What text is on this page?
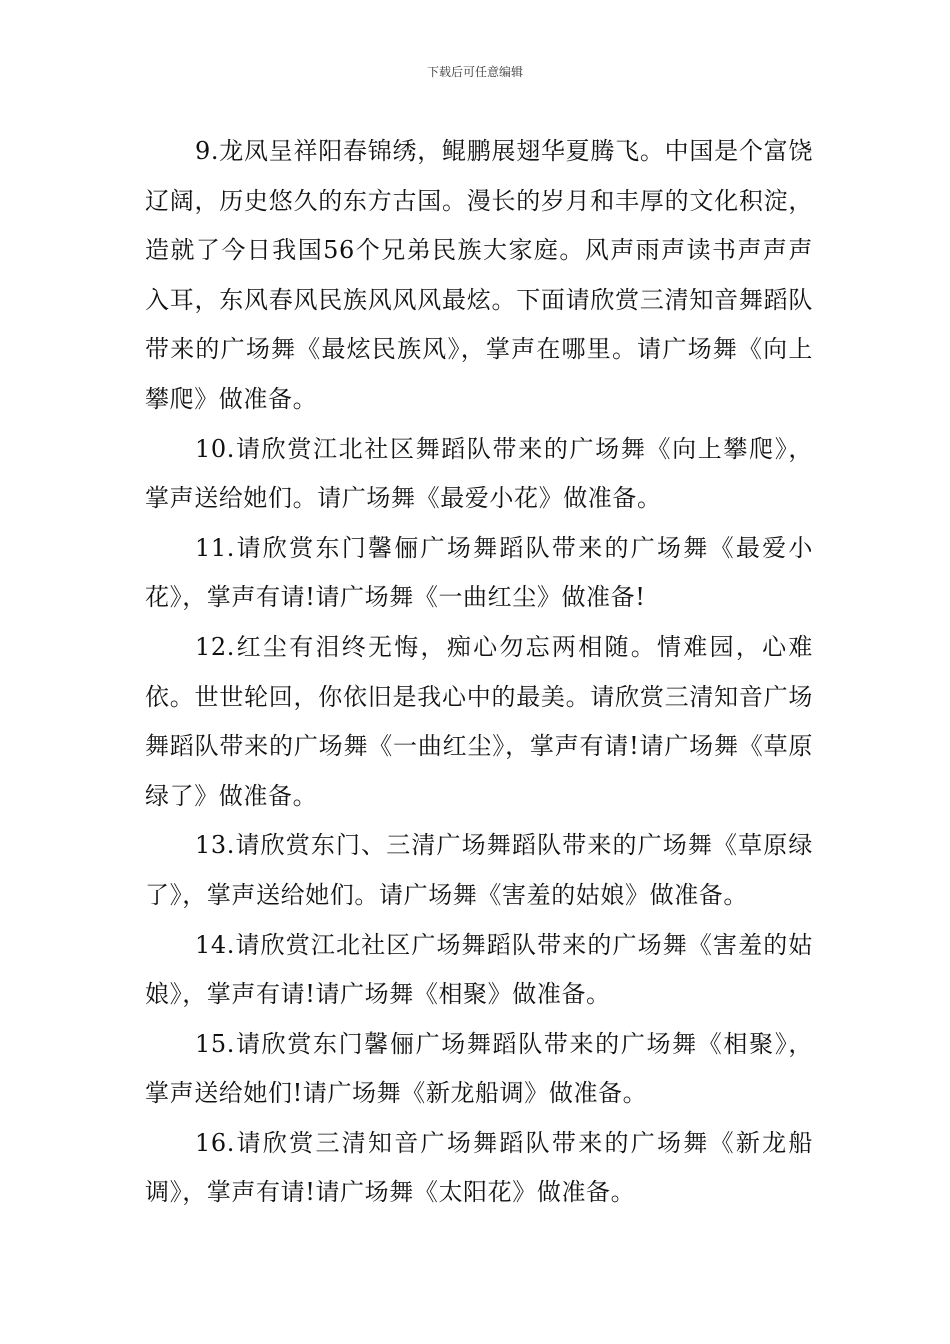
下载后可任意编辑

9.龙凤呈祥阳春锦绣，鲲鹏展翅华夏腾飞。中国是个富饶辽阔，历史悠久的东方古国。漫长的岁月和丰厚的文化积淀，造就了今日我国56个兄弟民族大家庭。风声雨声读书声声声入耳，东风春风民族风风风最炫。下面请欣赏三清知音舞蹈队带来的广场舞《最炫民族风》，掌声在哪里。请广场舞《向上攀爬》做准备。

10.请欣赏江北社区舞蹈队带来的广场舞《向上攀爬》，掌声送给她们。请广场舞《最爱小花》做准备。

11.请欣赏东门馨俪广场舞蹈队带来的广场舞《最爱小花》，掌声有请!请广场舞《一曲红尘》做准备!

12.红尘有泪终无悔，痴心勿忘两相随。情难园，心难依。世世轮回，你依旧是我心中的最美。请欣赏三清知音广场舞蹈队带来的广场舞《一曲红尘》，掌声有请!请广场舞《草原绿了》做准备。

13.请欣赏东门、三清广场舞蹈队带来的广场舞《草原绿了》，掌声送给她们。请广场舞《害羞的姑娘》做准备。

14.请欣赏江北社区广场舞蹈队带来的广场舞《害羞的姑娘》，掌声有请!请广场舞《相聚》做准备。

15.请欣赏东门馨俪广场舞蹈队带来的广场舞《相聚》，掌声送给她们!请广场舞《新龙船调》做准备。

16.请欣赏三清知音广场舞蹈队带来的广场舞《新龙船调》，掌声有请!请广场舞《太阳花》做准备。
